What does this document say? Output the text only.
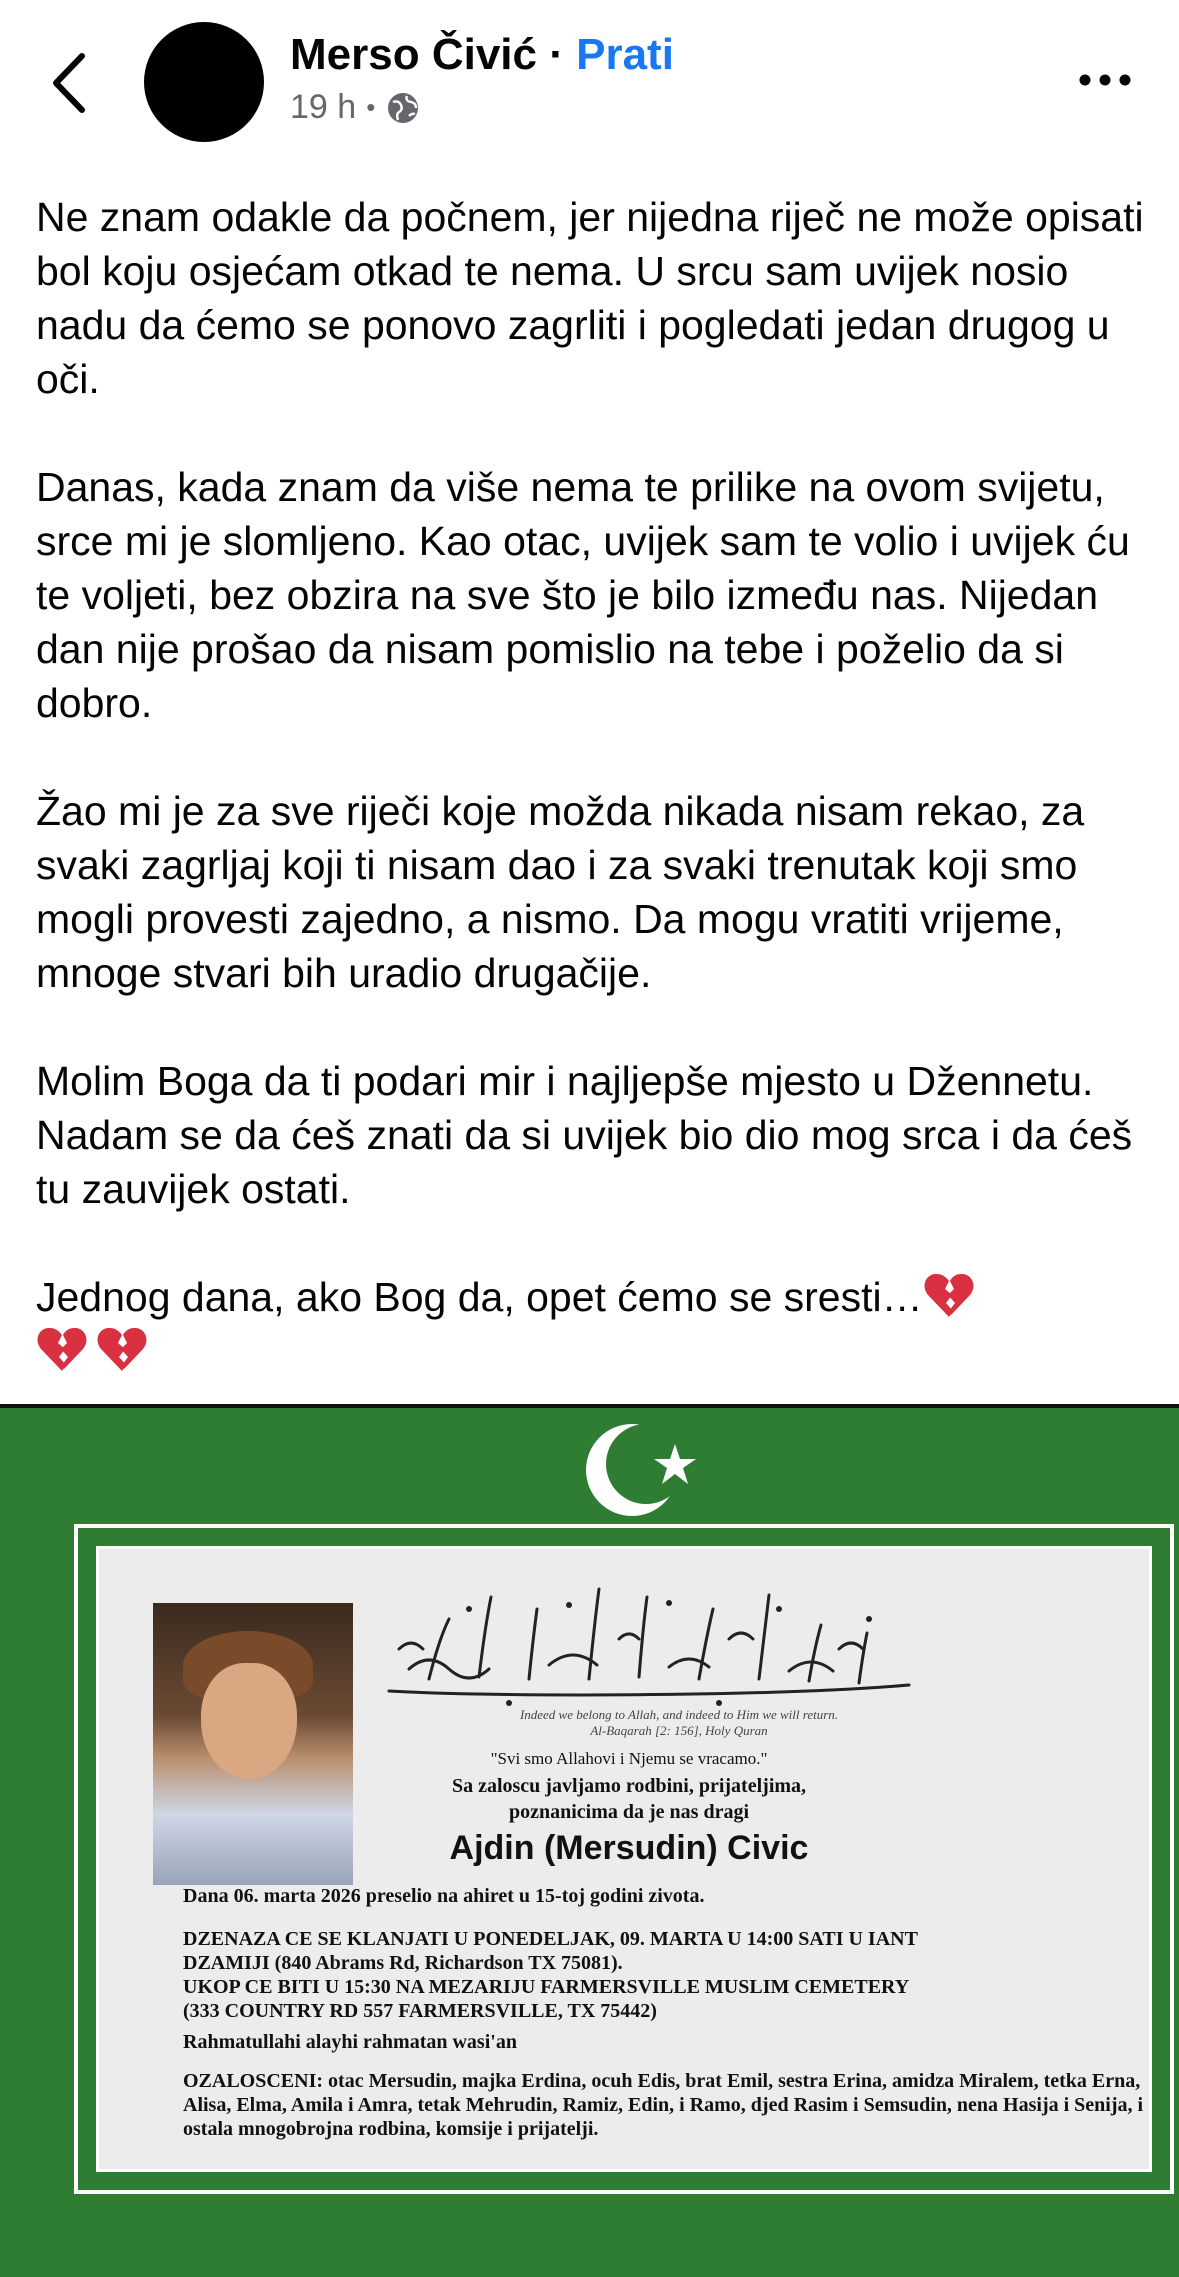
Merso Čivić · Prati
19 h •

Ne znam odakle da počnem, jer nijedna riječ ne može opisati bol koju osjećam otkad te nema. U srcu sam uvijek nosio nadu da ćemo se ponovo zagrliti i pogledati jedan drugog u oči.

Danas, kada znam da više nema te prilike na ovom svijetu, srce mi je slomljeno. Kao otac, uvijek sam te volio i uvijek ću te voljeti, bez obzira na sve što je bilo između nas. Nijedan dan nije prošao da nisam pomislio na tebe i poželio da si dobro.

Žao mi je za sve riječi koje možda nikada nisam rekao, za svaki zagrljaj koji ti nisam dao i za svaki trenutak koji smo mogli provesti zajedno, a nismo. Da mogu vratiti vrijeme, mnoge stvari bih uradio drugačije.

Molim Boga da ti podari mir i najljepše mjesto u Džennetu. Nadam se da ćeš znati da si uvijek bio dio mog srca i da ćeš tu zauvijek ostati.

Jednog dana, ako Bog da, opet ćemo se sresti…

Indeed we belong to Allah, and indeed to Him we will return.
Al-Baqarah [2: 156], Holy Quran
"Svi smo Allahovi i Njemu se vracamo."
Sa zaloscu javljamo rodbini, prijateljima,
poznanicima da je nas dragi
Ajdin (Mersudin) Civic
Dana 06. marta 2026 preselio na ahiret u 15-toj godini zivota.
DZENAZA CE SE KLANJATI U PONEDELJAK, 09. MARTA U 14:00 SATI U IANT
DZAMIJI (840 Abrams Rd, Richardson TX 75081).
UKOP CE BITI U 15:30 NA MEZARIJU FARMERSVILLE MUSLIM CEMETERY
(333 COUNTRY RD 557 FARMERSVILLE, TX 75442)
Rahmatullahi alayhi rahmatan wasi'an
OZALOSCENI: otac Mersudin, majka Erdina, ocuh Edis, brat Emil, sestra Erina, amidza Miralem, tetka Erna, Alisa, Elma, Amila i Amra, tetak Mehrudin, Ramiz, Edin, i Ramo, djed Rasim i Semsudin, nena Hasija i Senija, i ostala mnogobrojna rodbina, komsije i prijatelji.
